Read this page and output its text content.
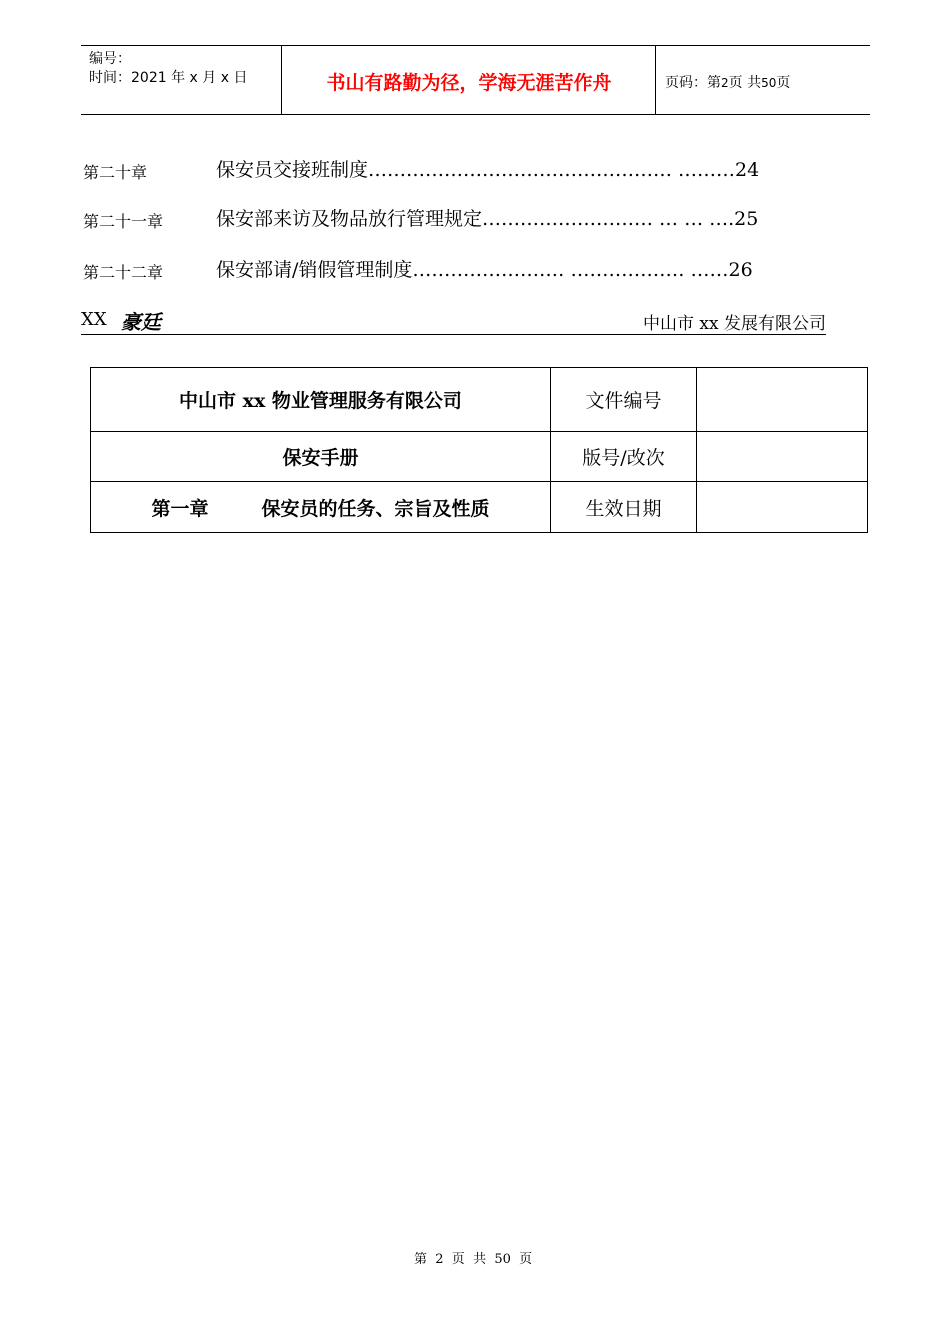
编号：
时间：2021 年 x 月 x 日	书山有路勤为径，学海无涯苦作舟	页码：第2页 共50页
第二十章	保安员交接班制度………………………………………… ………24
第二十一章	保安部来访及物品放行管理规定……………………… … … ….25
第二十二章	保安部请/销假管理制度…………………… ……………… ……26
XX 豪廷	中山市 xx 发展有限公司
中山市 xx 物业管理服务有限公司	文件编号	
保安手册	版号/改次	
第一章        保安员的任务、宗旨及性质	生效日期	
第  2  页  共  50  页
